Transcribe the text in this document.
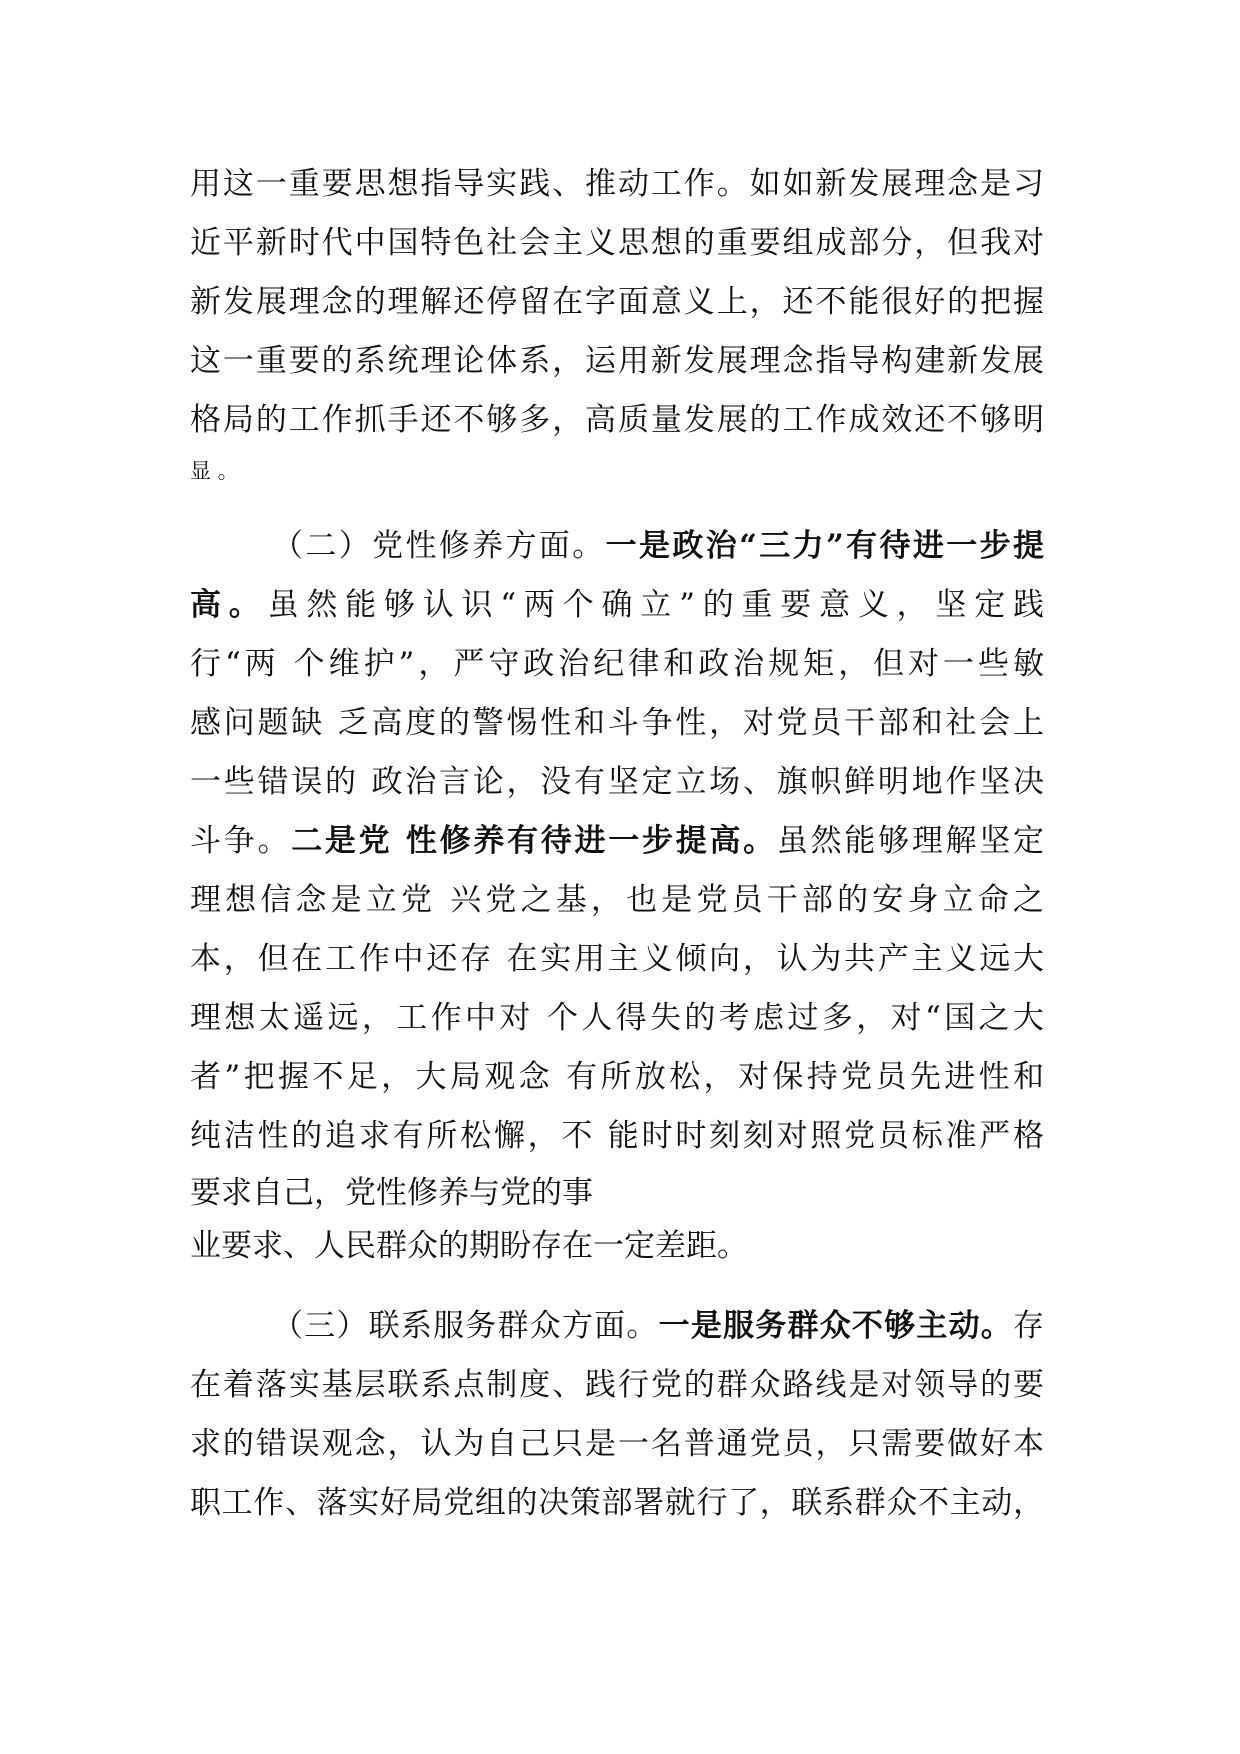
用这一重要思想指导实践、推动工作。如如新发展理念是习
近平新时代中国特色社会主义思想的重要组成部分，但我对
新发展理念的理解还停留在字面意义上，还不能很好的把握
这一重要的系统理论体系，运用新发展理念指导构建新发展
格局的工作抓手还不够多，高质量发展的工作成效还不够明
显 。
（二）党性修养方面。一是政治“三力”有待进一步提
高。虽然能够认识“两个确立”的重要意义，坚定践
行“两 个维护”，严守政治纪律和政治规矩，但对一些敏
感问题缺 乏高度的警惕性和斗争性，对党员干部和社会上
一些错误的 政治言论，没有坚定立场、旗帜鲜明地作坚决
斗争。二是党 性修养有待进一步提高。虽然能够理解坚定
理想信念是立党 兴党之基，也是党员干部的安身立命之
本，但在工作中还存 在实用主义倾向，认为共产主义远大
理想太遥远，工作中对 个人得失的考虑过多，对“国之大
者”把握不足，大局观念 有所放松，对保持党员先进性和
纯洁性的追求有所松懈，不 能时时刻刻对照党员标准严格
要求自己，党性修养与党的事
业要求、人民群众的期盼存在一定差距。
（三）联系服务群众方面。一是服务群众不够主动。存
在着落实基层联系点制度、践行党的群众路线是对领导的要
求的错误观念，认为自己只是一名普通党员，只需要做好本
职工作、落实好局党组的决策部署就行了，联系群众不主动，
